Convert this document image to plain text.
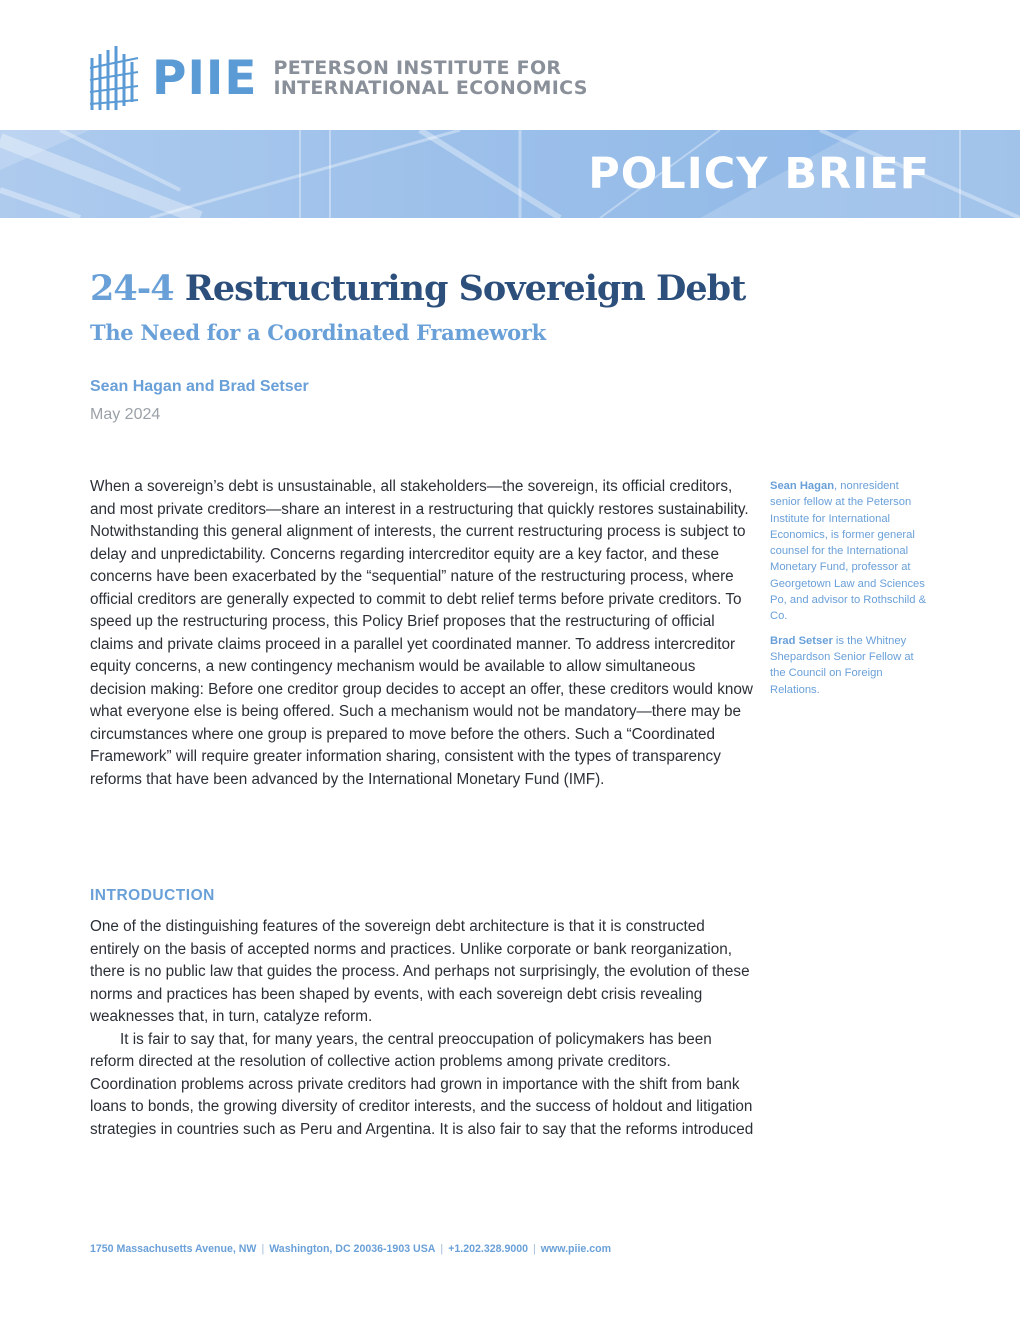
PIIE PETERSON INSTITUTE FOR
INTERNATIONAL ECONOMICS
POLICY BRIEF
24-4 Restructuring Sovereign Debt
The Need for a Coordinated Framework
Sean Hagan and Brad Setser
May 2024

When a sovereign’s debt is unsustainable, all stakeholders—the sovereign, its official creditors, and most private creditors—share an interest in a restructuring that quickly restores sustainability. Notwithstanding this general alignment of interests, the current restructuring process is subject to delay and unpredictability. Concerns regarding intercreditor equity are a key factor, and these concerns have been exacerbated by the “sequential” nature of the restructuring process, where official creditors are generally expected to commit to debt relief terms before private creditors. To speed up the restructuring process, this Policy Brief proposes that the restructuring of official claims and private claims proceed in a parallel yet coordinated manner. To address intercreditor equity concerns, a new contingency mechanism would be available to allow simultaneous decision making: Before one creditor group decides to accept an offer, these creditors would know what everyone else is being offered. Such a mechanism would not be mandatory—there may be circumstances where one group is prepared to move before the others. Such a “Coordinated Framework” will require greater information sharing, consistent with the types of transparency reforms that have been advanced by the International Monetary Fund (IMF).

INTRODUCTION

One of the distinguishing features of the sovereign debt architecture is that it is constructed entirely on the basis of accepted norms and practices. Unlike corporate or bank reorganization, there is no public law that guides the process. And perhaps not surprisingly, the evolution of these norms and practices has been shaped by events, with each sovereign debt crisis revealing weaknesses that, in turn, catalyze reform.

It is fair to say that, for many years, the central preoccupation of policymakers has been reform directed at the resolution of collective action problems among private creditors. Coordination problems across private creditors had grown in importance with the shift from bank loans to bonds, the growing diversity of creditor interests, and the success of holdout and litigation strategies in countries such as Peru and Argentina. It is also fair to say that the reforms introduced

Sean Hagan, nonresident senior fellow at the Peterson Institute for International Economics, is former general counsel for the International Monetary Fund, professor at Georgetown Law and Sciences Po, and advisor to Rothschild & Co.

Brad Setser is the Whitney Shepardson Senior Fellow at the Council on Foreign Relations.

1750 Massachusetts Avenue, NW | Washington, DC 20036-1903 USA | +1.202.328.9000 | www.piie.com
